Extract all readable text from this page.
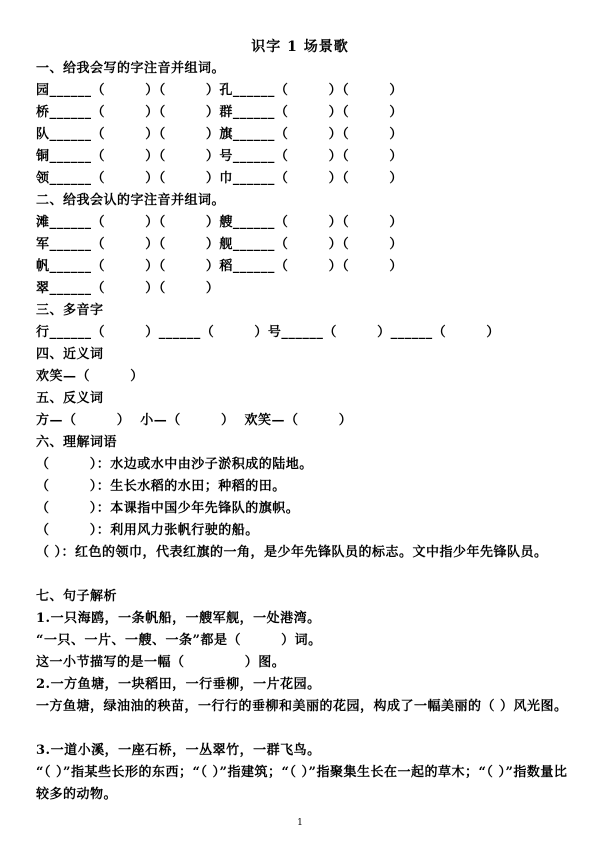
识字 1 场景歌
一、给我会写的字注音并组词。
园______（        ）（        ）孔______（        ）（        ）
桥______（        ）（        ）群______（        ）（        ）
队______（        ）（        ）旗______（        ）（        ）
铜______（        ）（        ）号______（        ）（        ）
领______（        ）（        ）巾______（        ）（        ）
二、给我会认的字注音并组词。
滩______（        ）（        ）艘______（        ）（        ）
军______（        ）（        ）舰______（        ）（        ）
帆______（        ）（        ）稻______（        ）（        ）
翠______（        ）（        ）
三、多音字
行______（        ）______（        ）号______（        ）______（        ）
四、近义词
欢笑—（        ）
五、反义词
方—（        ）  小—（        ）  欢笑—（        ）
六、理解词语
（        ）：水边或水中由沙子淤积成的陆地。
（        ）：生长水稻的水田；种稻的田。
（        ）：本课指中国少年先锋队的旗帜。
（        ）：利用风力张帆行驶的船。
（ ）：红色的领巾，代表红旗的一角，是少年先锋队员的标志。文中指少年先锋队员。
七、句子解析
1.一只海鸥，一条帆船，一艘军舰，一处港湾。
“一只、一片、一艘、一条”都是（        ）词。
这一小节描写的是一幅（            ）图。
2.一方鱼塘，一块稻田，一行垂柳，一片花园。
一方鱼塘，绿油油的秧苗，一行行的垂柳和美丽的花园，构成了一幅美丽的（ ）风光图。
3.一道小溪，一座石桥，一丛翠竹，一群飞鸟。
“（ ）”指某些长形的东西；“（ ）”指建筑；“（ ）”指聚集生长在一起的草木；“（ ）”指数量比较多的动物。
1
